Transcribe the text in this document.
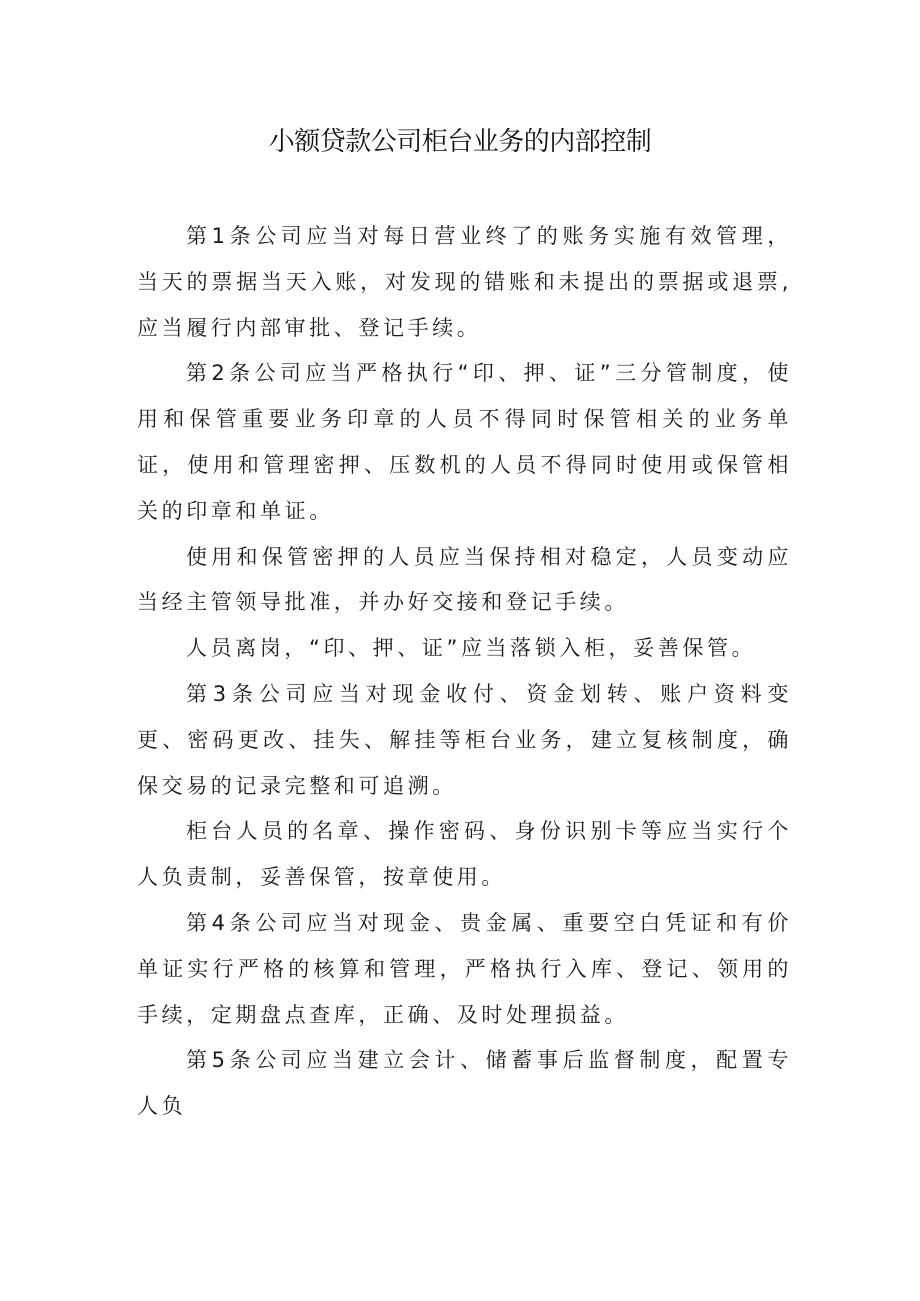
小额贷款公司柜台业务的内部控制

第1条公司应当对每日营业终了的账务实施有效管理，当天的票据当天入账，对发现的错账和未提出的票据或退票,应当履行内部审批、登记手续。

第2条公司应当严格执行“印、押、证”三分管制度，使用和保管重要业务印章的人员不得同时保管相关的业务单证，使用和管理密押、压数机的人员不得同时使用或保管相关的印章和单证。

使用和保管密押的人员应当保持相对稳定，人员变动应当经主管领导批准，并办好交接和登记手续。

人员离岗，“印、押、证”应当落锁入柜，妥善保管。

第3条公司应当对现金收付、资金划转、账户资料变更、密码更改、挂失、解挂等柜台业务，建立复核制度，确保交易的记录完整和可追溯。

柜台人员的名章、操作密码、身份识别卡等应当实行个人负责制，妥善保管，按章使用。

第4条公司应当对现金、贵金属、重要空白凭证和有价单证实行严格的核算和管理，严格执行入库、登记、领用的手续，定期盘点查库，正确、及时处理损益。

第5条公司应当建立会计、储蓄事后监督制度，配置专人负
